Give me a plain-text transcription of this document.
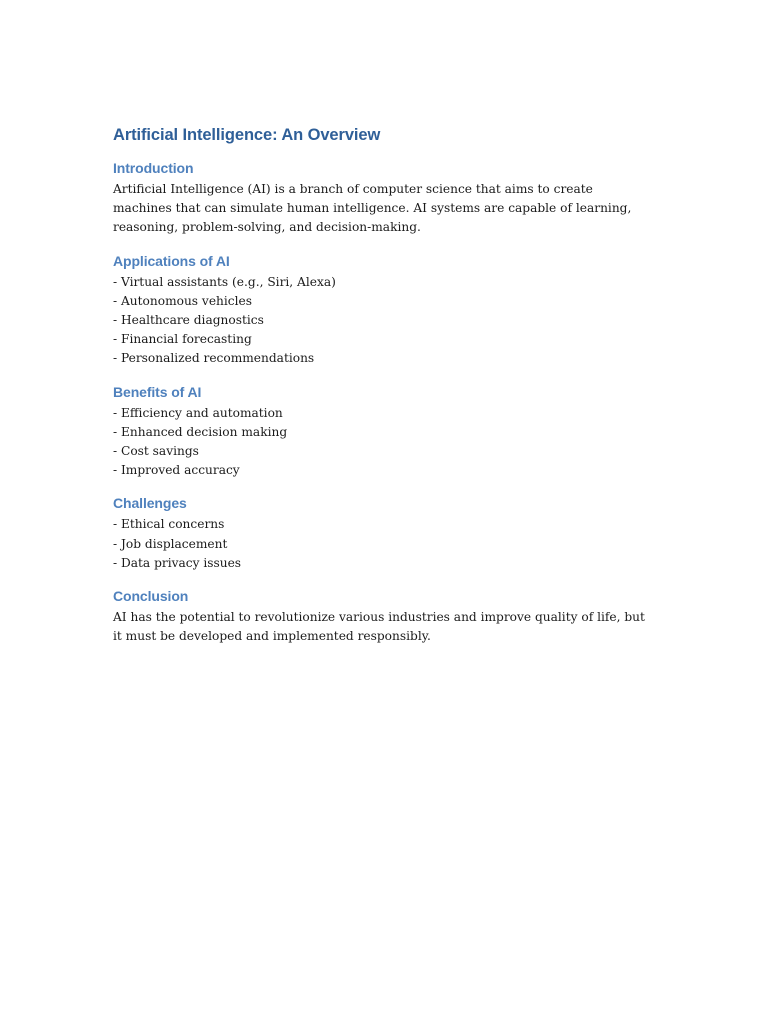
Artificial Intelligence: An Overview
Introduction

Artificial Intelligence (AI) is a branch of computer science that aims to create machines that can simulate human intelligence. AI systems are capable of learning, reasoning, problem-solving, and decision-making.

Applications of AI
- Virtual assistants (e.g., Siri, Alexa)
- Autonomous vehicles
- Healthcare diagnostics
- Financial forecasting
- Personalized recommendations
Benefits of AI
- Efficiency and automation
- Enhanced decision making
- Cost savings
- Improved accuracy
Challenges
- Ethical concerns
- Job displacement
- Data privacy issues
Conclusion

AI has the potential to revolutionize various industries and improve quality of life, but it must be developed and implemented responsibly.
